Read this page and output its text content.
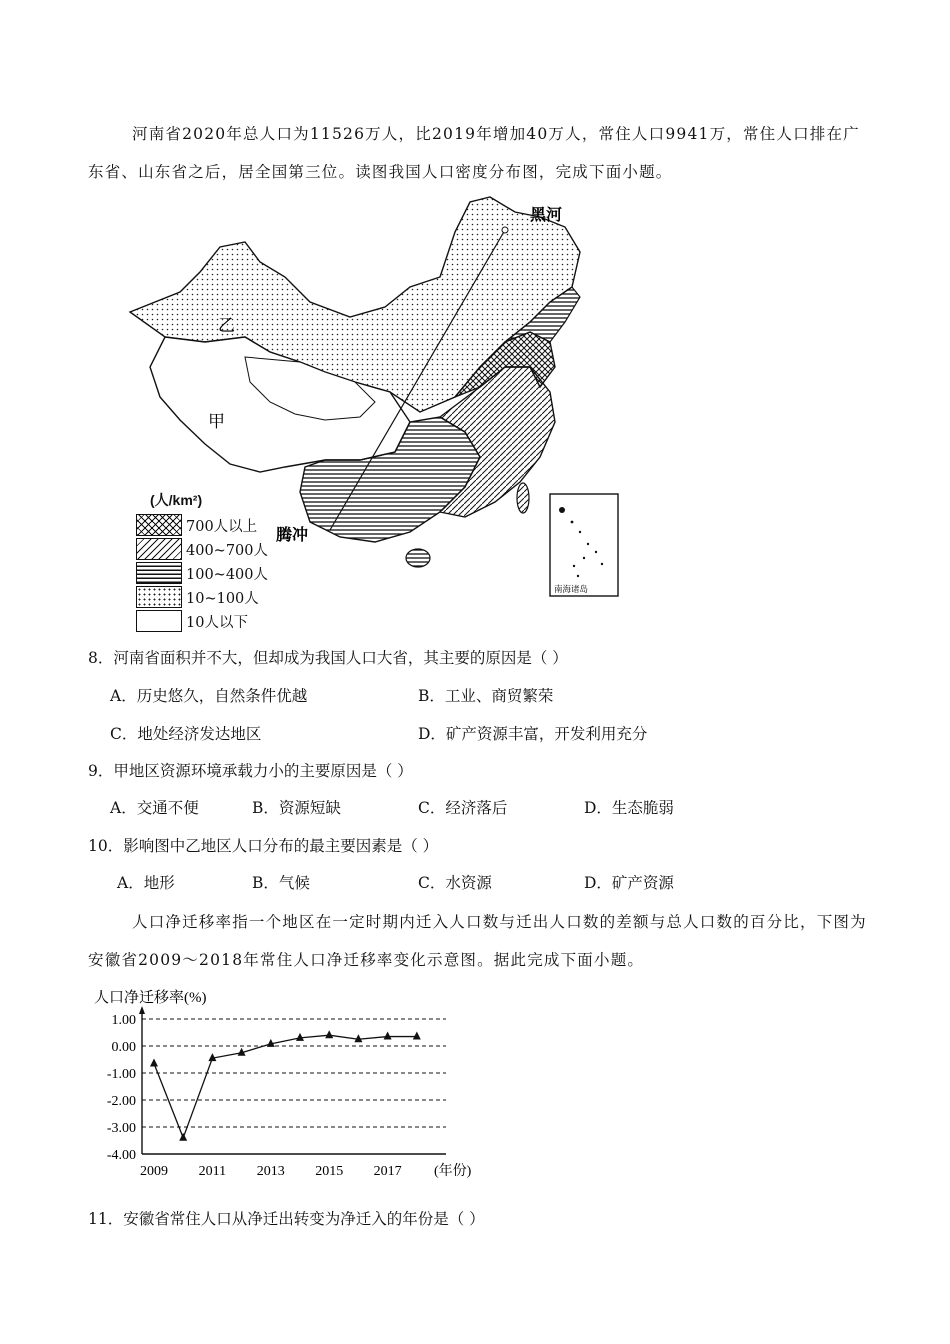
河南省2020年总人口为11526万人，比2019年增加40万人，常住人口9941万，常住人口排在广东省、山东省之后，居全国第三位。读图我国人口密度分布图，完成下面小题。
黑河
腾冲
乙
甲
南海诸岛
(人/km²)
700人以上
400~700人
100~400人
10~100人
10人以下
8．河南省面积并不大，但却成为我国人口大省，其主要的原因是（ ）
A．历史悠久，自然条件优越	B．工业、商贸繁荣
C．地处经济发达地区	D．矿产资源丰富，开发利用充分
9．甲地区资源环境承载力小的主要原因是（ ）
A．交通不便	B．资源短缺	C．经济落后	D．生态脆弱
10．影响图中乙地区人口分布的最主要因素是（ ）
A．地形	B．气候	C．水资源	D．矿产资源
人口净迁移率指一个地区在一定时期内迁入人口数与迁出人口数的差额与总人口数的百分比，下图为安徽省2009～2018年常住人口净迁移率变化示意图。据此完成下面小题。
人口净迁移率(%)
1.00
0.00
-1.00
-2.00
-3.00
-4.00
2009 2011 2013 2015 2017 (年份)
11．安徽省常住人口从净迁出转变为净迁入的年份是（ ）
